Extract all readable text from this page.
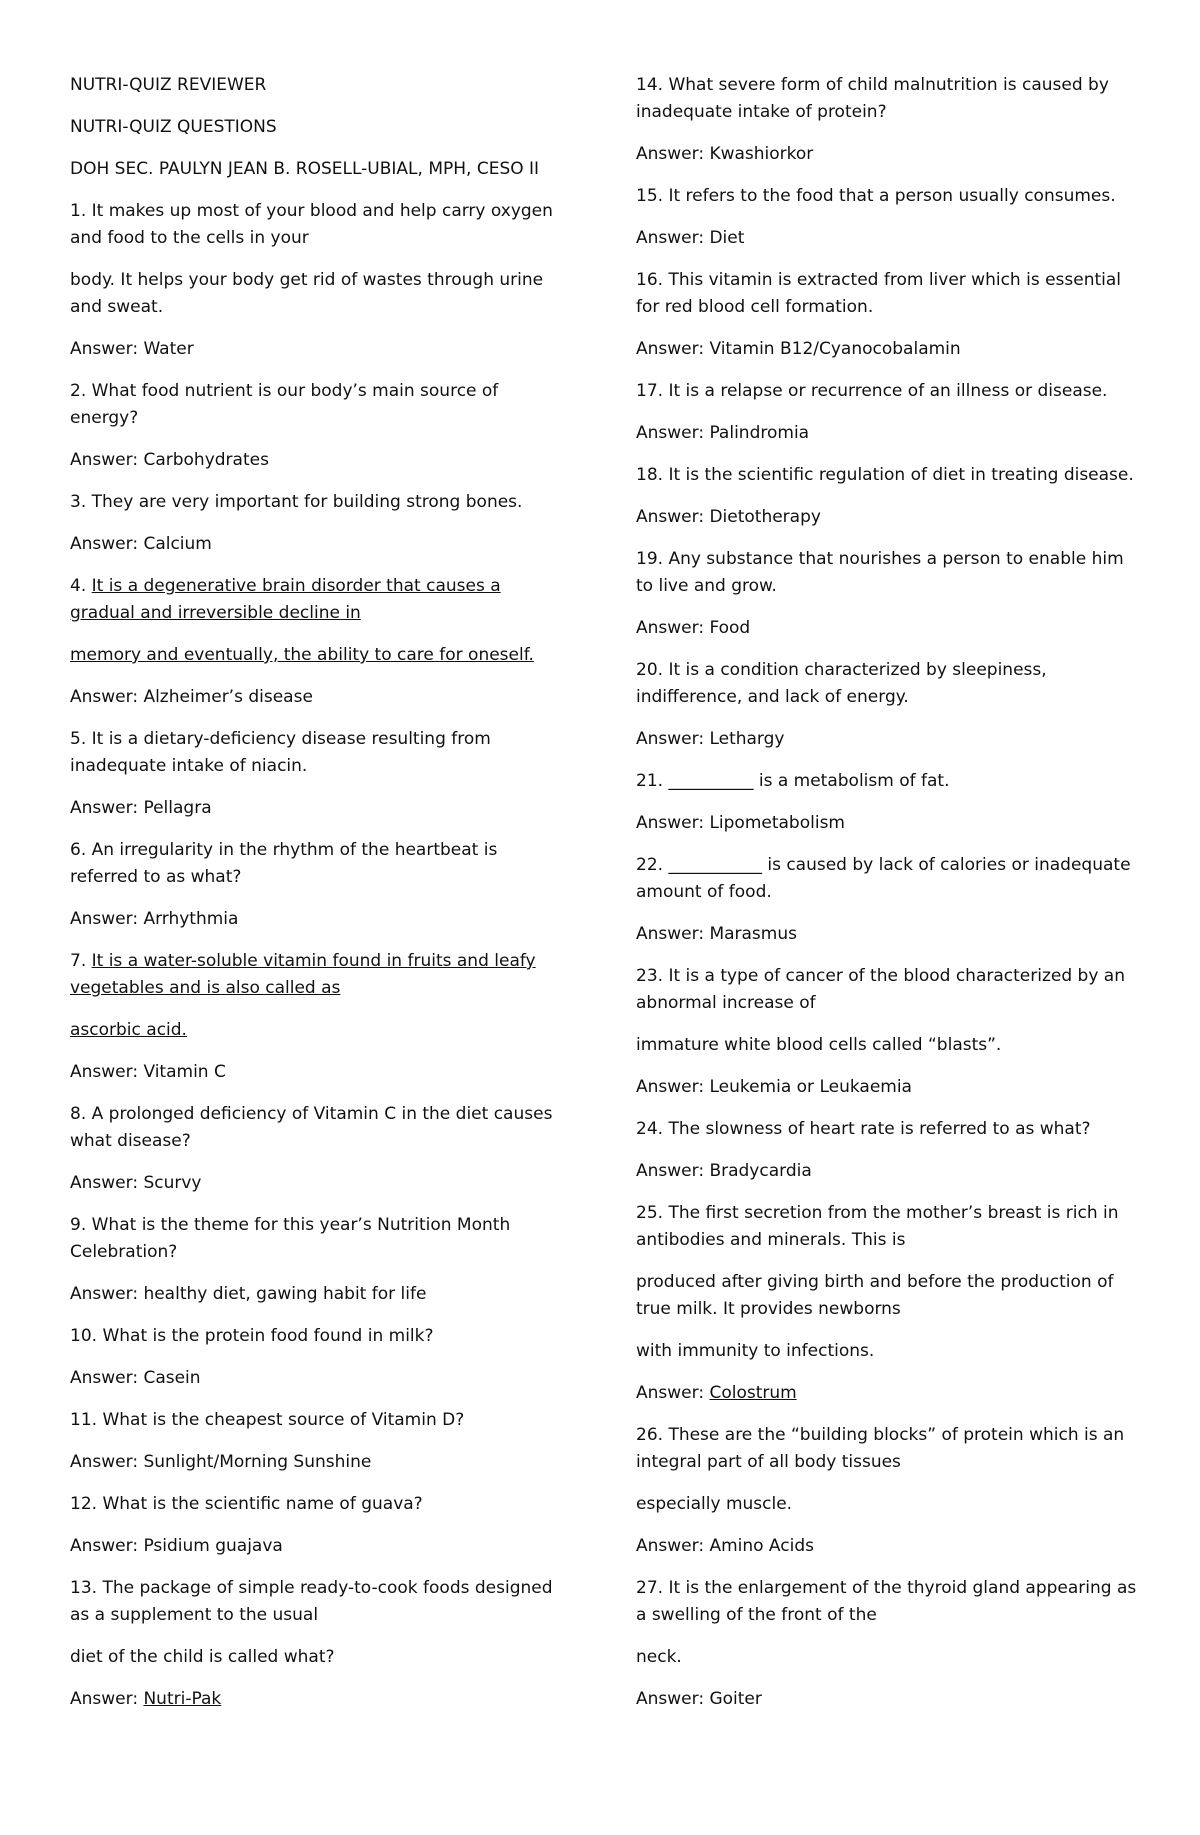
NUTRI-QUIZ REVIEWER

NUTRI-QUIZ QUESTIONS

DOH SEC. PAULYN JEAN B. ROSELL-UBIAL, MPH, CESO II

1. It makes up most of your blood and help carry oxygen and food to the cells in your

body. It helps your body get rid of wastes through urine and sweat.

Answer: Water

2. What food nutrient is our body’s main source of energy?

Answer: Carbohydrates

3. They are very important for building strong bones.

Answer: Calcium

4. It is a degenerative brain disorder that causes a gradual and irreversible decline in

memory and eventually, the ability to care for oneself.

Answer: Alzheimer’s disease

5. It is a dietary-deficiency disease resulting from inadequate intake of niacin.

Answer: Pellagra

6. An irregularity in the rhythm of the heartbeat is referred to as what?

Answer: Arrhythmia

7. It is a water-soluble vitamin found in fruits and leafy vegetables and is also called as

ascorbic acid.

Answer: Vitamin C

8. A prolonged deficiency of Vitamin C in the diet causes what disease?

Answer: Scurvy

9. What is the theme for this year’s Nutrition Month Celebration?

Answer: healthy diet, gawing habit for life

10. What is the protein food found in milk?

Answer: Casein

11. What is the cheapest source of Vitamin D?

Answer: Sunlight/Morning Sunshine

12. What is the scientific name of guava?

Answer: Psidium guajava

13. The package of simple ready-to-cook foods designed as a supplement to the usual

diet of the child is called what?

Answer: Nutri-Pak

14. What severe form of child malnutrition is caused by inadequate intake of protein?

Answer: Kwashiorkor

15. It refers to the food that a person usually consumes.

Answer: Diet

16. This vitamin is extracted from liver which is essential for red blood cell formation.

Answer: Vitamin B12/Cyanocobalamin

17. It is a relapse or recurrence of an illness or disease.

Answer: Palindromia

18. It is the scientific regulation of diet in treating disease.

Answer: Dietotherapy

19. Any substance that nourishes a person to enable him to live and grow.

Answer: Food

20. It is a condition characterized by sleepiness, indifference, and lack of energy.

Answer: Lethargy

21. __________ is a metabolism of fat.

Answer: Lipometabolism

22. ___________ is caused by lack of calories or inadequate amount of food.

Answer: Marasmus

23. It is a type of cancer of the blood characterized by an abnormal increase of

immature white blood cells called “blasts”.

Answer: Leukemia or Leukaemia

24. The slowness of heart rate is referred to as what?

Answer: Bradycardia

25. The first secretion from the mother’s breast is rich in antibodies and minerals. This is

produced after giving birth and before the production of true milk. It provides newborns

with immunity to infections.

Answer: Colostrum

26. These are the “building blocks” of protein which is an integral part of all body tissues

especially muscle.

Answer: Amino Acids

27. It is the enlargement of the thyroid gland appearing as a swelling of the front of the

neck.

Answer: Goiter
